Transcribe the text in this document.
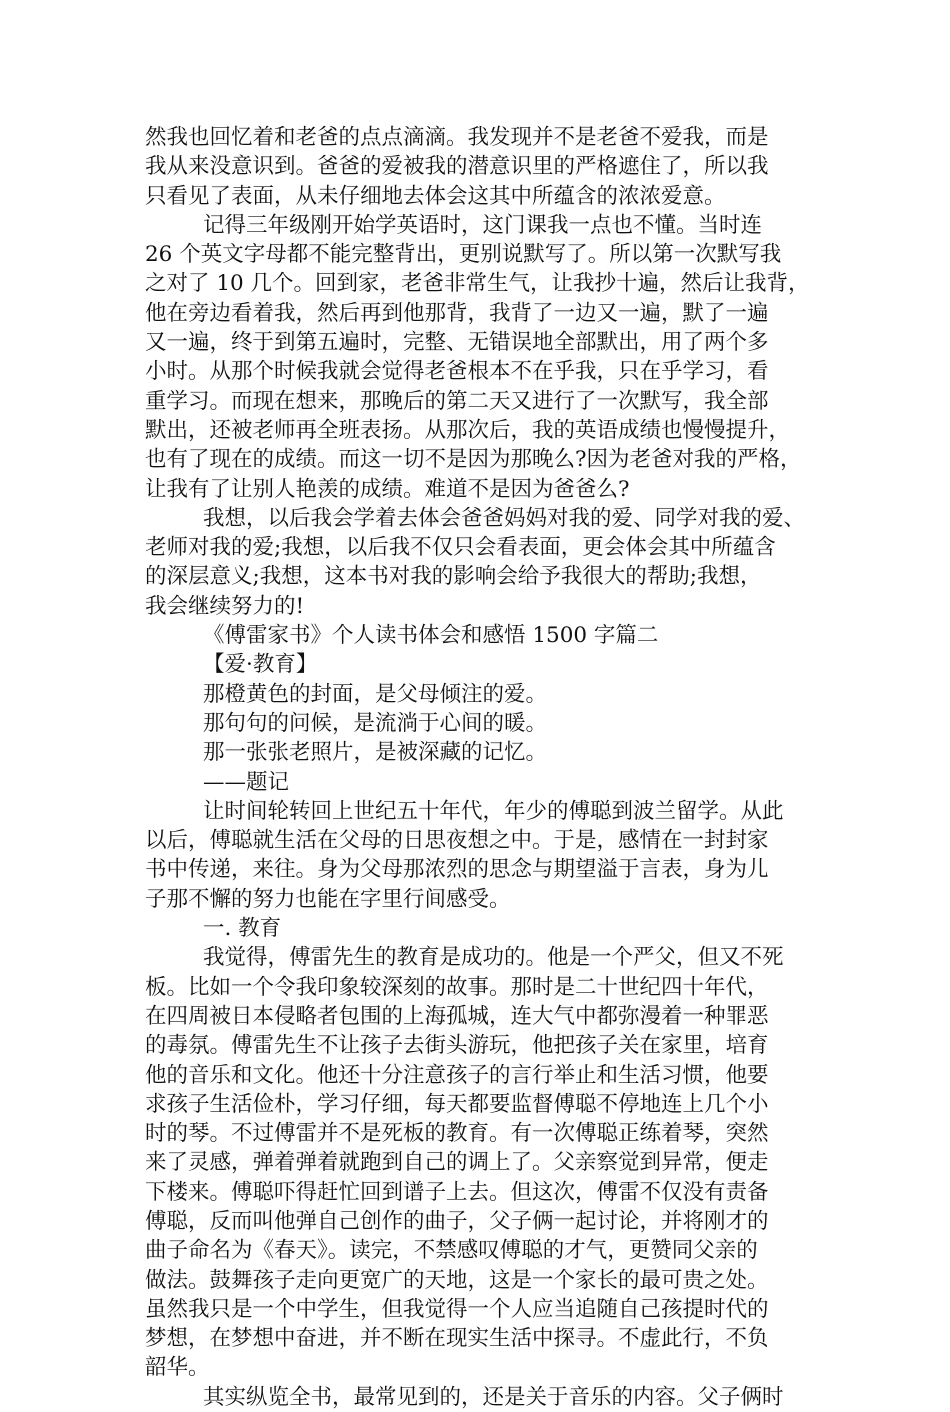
然我也回忆着和老爸的点点滴滴。我发现并不是老爸不爱我，而是
我从来没意识到。爸爸的爱被我的潜意识里的严格遮住了，所以我
只看见了表面，从未仔细地去体会这其中所蕴含的浓浓爱意。
记得三年级刚开始学英语时，这门课我一点也不懂。当时连
26 个英文字母都不能完整背出，更别说默写了。所以第一次默写我
之对了 10 几个。回到家，老爸非常生气，让我抄十遍，然后让我背，
他在旁边看着我，然后再到他那背，我背了一边又一遍，默了一遍
又一遍，终于到第五遍时，完整、无错误地全部默出，用了两个多
小时。从那个时候我就会觉得老爸根本不在乎我，只在乎学习，看
重学习。而现在想来，那晚后的第二天又进行了一次默写，我全部
默出，还被老师再全班表扬。从那次后，我的英语成绩也慢慢提升，
也有了现在的成绩。而这一切不是因为那晚么?因为老爸对我的严格，
让我有了让别人艳羡的成绩。难道不是因为爸爸么?
我想，以后我会学着去体会爸爸妈妈对我的爱、同学对我的爱、
老师对我的爱;我想，以后我不仅只会看表面，更会体会其中所蕴含
的深层意义;我想，这本书对我的影响会给予我很大的帮助;我想，
我会继续努力的!
《傅雷家书》个人读书体会和感悟 1500 字篇二
【爱·教育】
那橙黄色的封面，是父母倾注的爱。
那句句的问候，是流淌于心间的暖。
那一张张老照片，是被深藏的记忆。
——题记
让时间轮转回上世纪五十年代，年少的傅聪到波兰留学。从此
以后，傅聪就生活在父母的日思夜想之中。于是，感情在一封封家
书中传递，来往。身为父母那浓烈的思念与期望溢于言表，身为儿
子那不懈的努力也能在字里行间感受。
一. 教育
我觉得，傅雷先生的教育是成功的。他是一个严父，但又不死
板。比如一个令我印象较深刻的故事。那时是二十世纪四十年代，
在四周被日本侵略者包围的上海孤城，连大气中都弥漫着一种罪恶
的毒氛。傅雷先生不让孩子去街头游玩，他把孩子关在家里，培育
他的音乐和文化。他还十分注意孩子的言行举止和生活习惯，他要
求孩子生活俭朴，学习仔细，每天都要监督傅聪不停地连上几个小
时的琴。不过傅雷并不是死板的教育。有一次傅聪正练着琴，突然
来了灵感，弹着弹着就跑到自己的调上了。父亲察觉到异常，便走
下楼来。傅聪吓得赶忙回到谱子上去。但这次，傅雷不仅没有责备
傅聪，反而叫他弹自己创作的曲子，父子俩一起讨论，并将刚才的
曲子命名为《春天》。读完，不禁感叹傅聪的才气，更赞同父亲的
做法。鼓舞孩子走向更宽广的天地，这是一个家长的最可贵之处。
虽然我只是一个中学生，但我觉得一个人应当追随自己孩提时代的
梦想，在梦想中奋进，并不断在现实生活中探寻。不虚此行，不负
韶华。
其实纵览全书，最常见到的，还是关于音乐的内容。父子俩时
